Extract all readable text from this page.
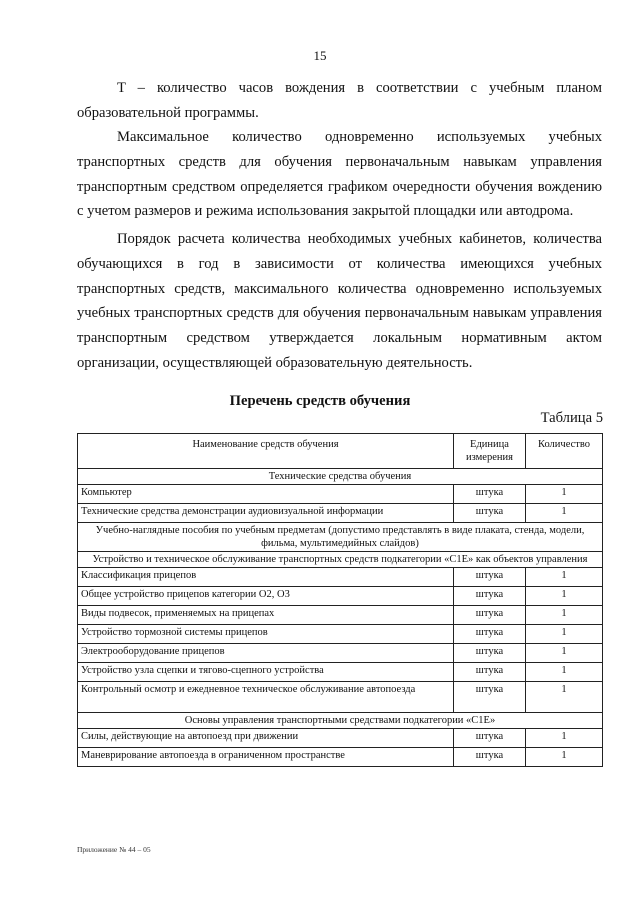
15

T – количество часов вождения в соответствии с учебным планом образовательной программы.

Максимальное количество одновременно используемых учебных транспортных средств для обучения первоначальным навыкам управления транспортным средством определяется графиком очередности обучения вождению с учетом размеров и режима использования закрытой площадки или автодрома.

Порядок расчета количества необходимых учебных кабинетов, количества обучающихся в год в зависимости от количества имеющихся учебных транспортных средств, максимального количества одновременно используемых учебных транспортных средств для обучения первоначальным навыкам управления транспортным средством утверждается локальным нормативным актом организации, осуществляющей образовательную деятельность.

Перечень средств обучения
Таблица 5
Наименование средств обучения	Единица измерения	Количество
Технические средства обучения		
Компьютер	штука	1
Технические средства демонстрации аудиовизуальной информации	штука	1
Учебно-наглядные пособия по учебным предметам (допустимо представлять в виде плаката, стенда, модели, фильма, мультимедийных слайдов)		
Устройство и техническое обслуживание транспортных средств подкатегории «C1E» как объектов управления		
Классификация прицепов	штука	1
Общее устройство прицепов категории О2, О3	штука	1
Виды подвесок, применяемых на прицепах	штука	1
Устройство тормозной системы прицепов	штука	1
Электрооборудование прицепов	штука	1
Устройство узла сцепки и тягово-сцепного устройства	штука	1
Контрольный осмотр и ежедневное техническое обслуживание автопоезда	штука	1
Основы управления транспортными средствами подкатегории «C1E»		
Силы, действующие на автопоезд при движении	штука	1
Маневрирование автопоезда в ограниченном пространстве	штука	1
Приложение № 44 – 05
